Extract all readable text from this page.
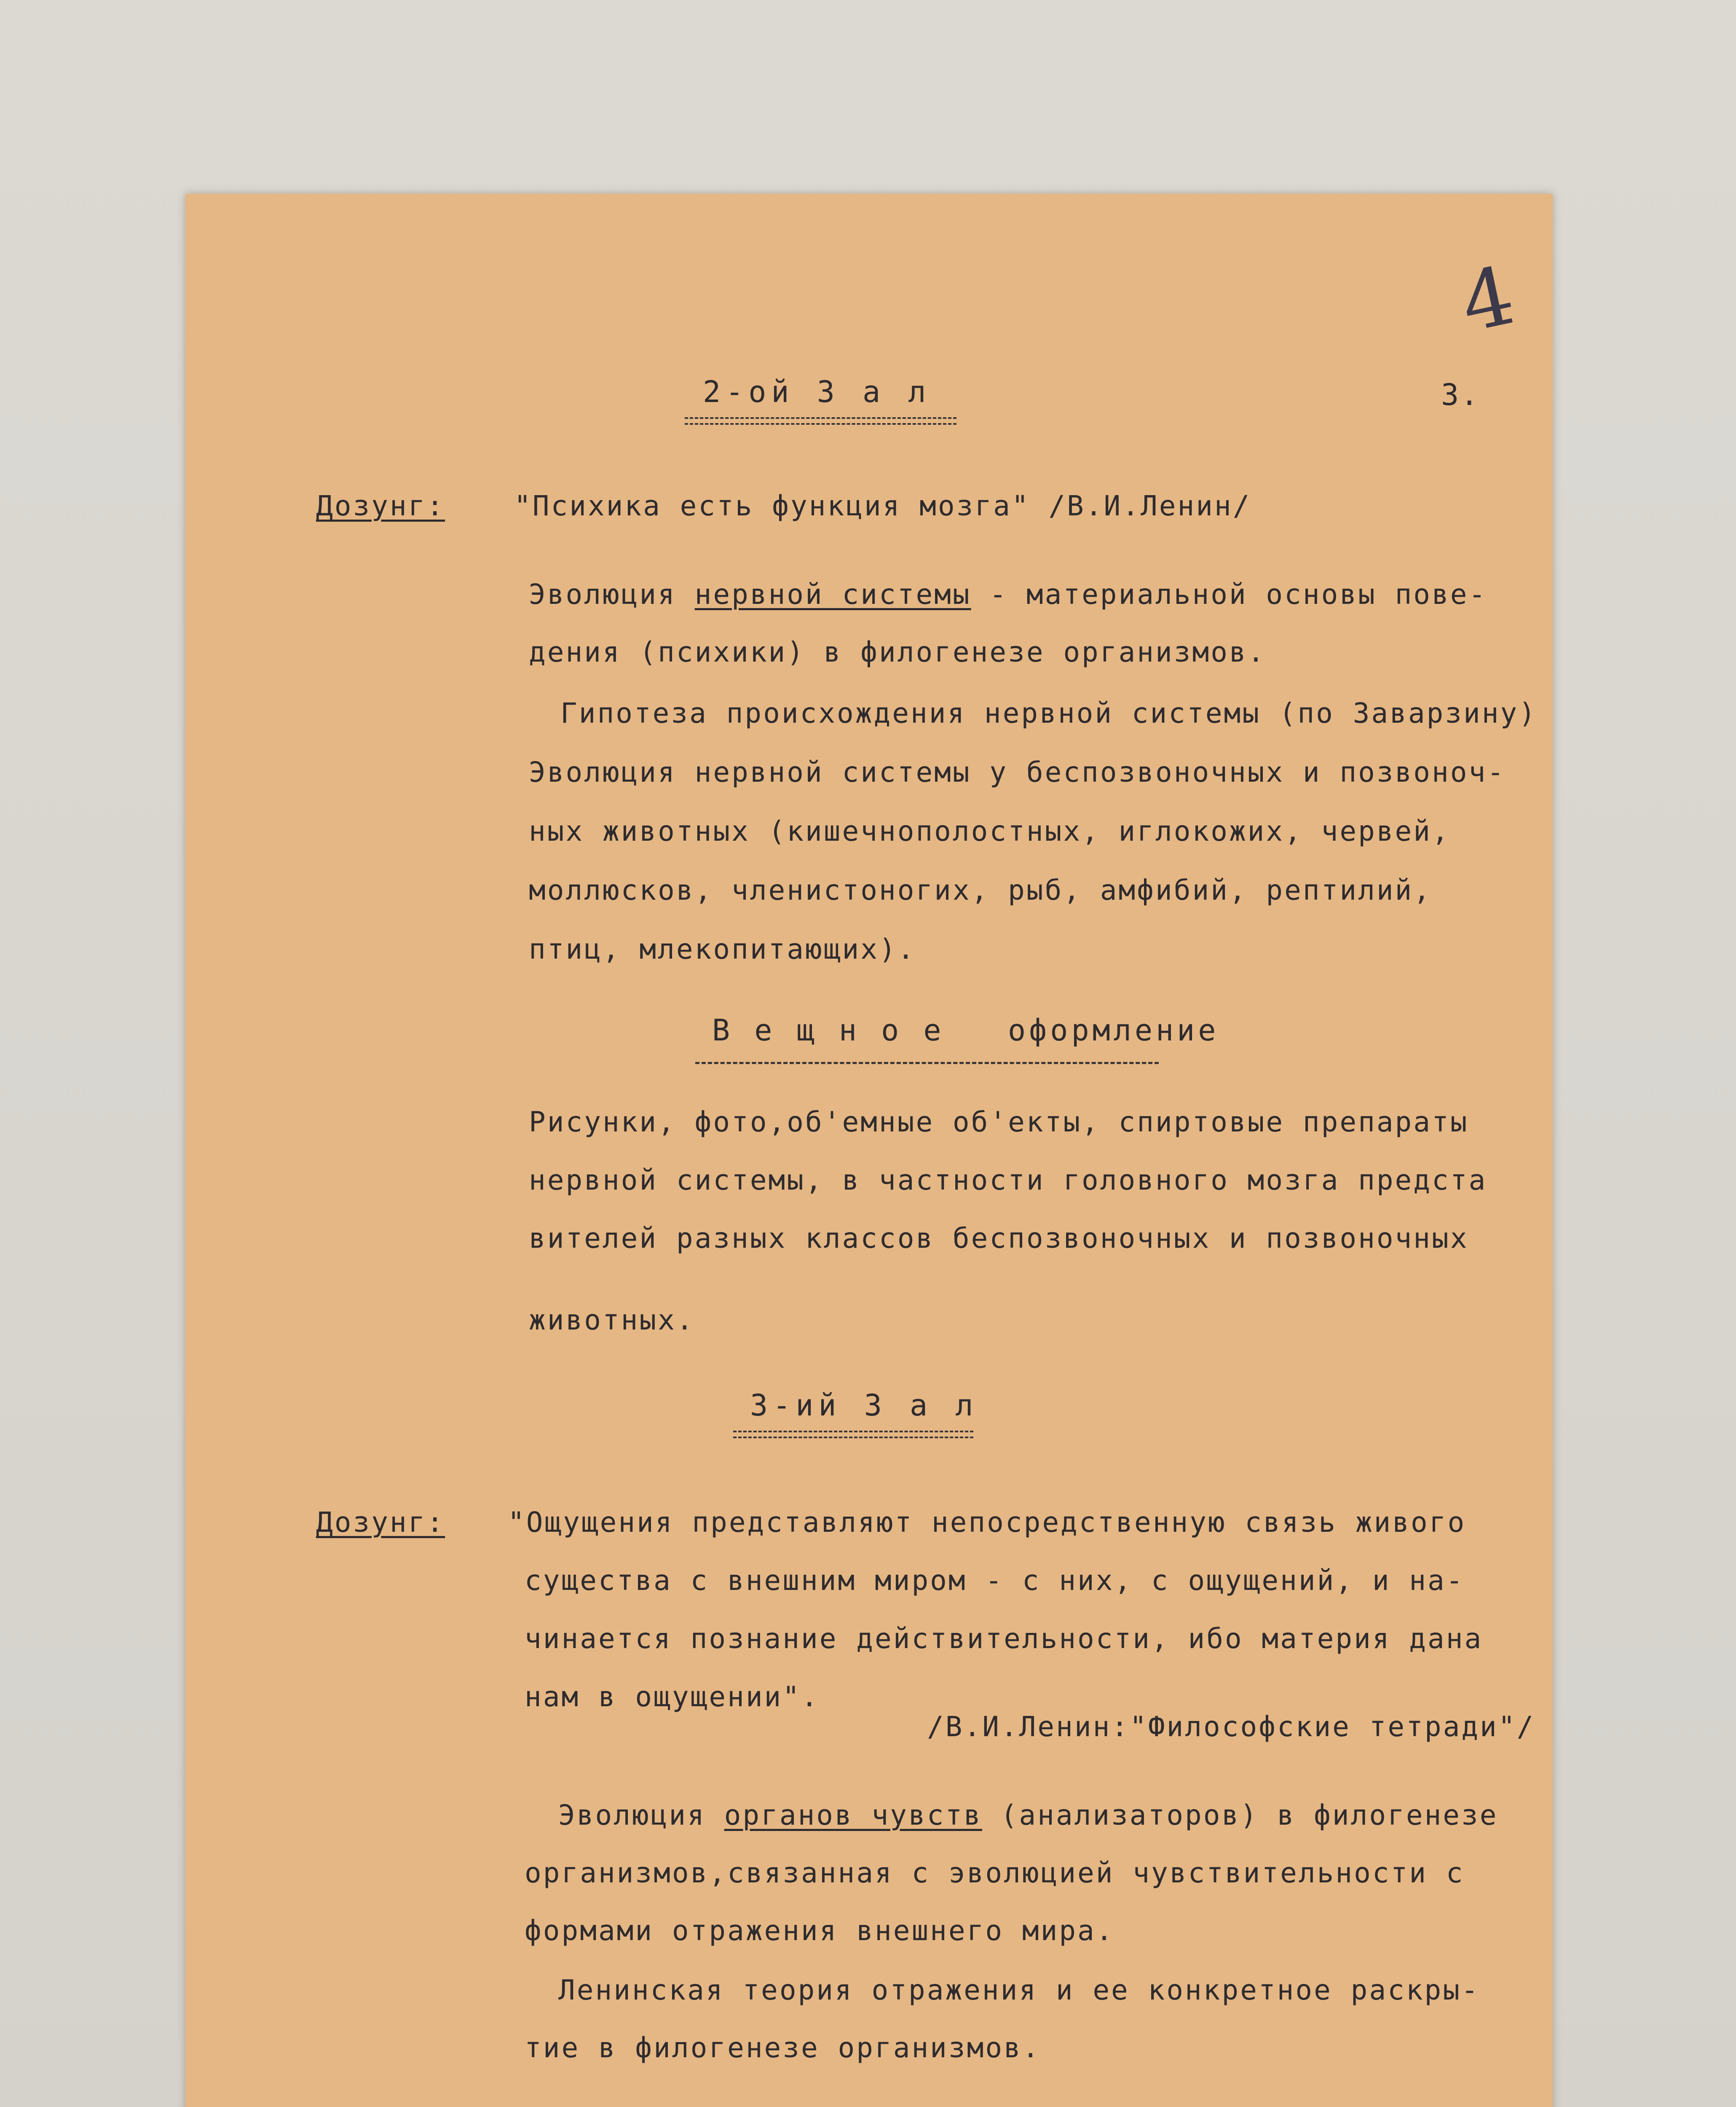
4
3.
2-ой З а л
Дозунг: "Психика есть функция мозга" /В.И.Ленин/
Эволюция нервной системы - материальной основы пове-
дения (психики) в филогенезе организмов.
Гипотеза происхождения нервной системы (по Заварзину)
Эволюция нервной системы у беспозвоночных и позвоноч-
ных животных (кишечнополостных, иглокожих, червей,
моллюсков, членистоногих, рыб, амфибий, рептилий,
птиц, млекопитающих).
В е щ н о е   оформление
Рисунки, фото,об'емные об'екты, спиртовые препараты
нервной системы, в частности головного мозга предста
вителей разных классов беспозвоночных и позвоночных
животных.
3-ий З а л
Дозунг: "Ощущения представляют непосредственную связь живого
существа с внешним миром - с них, с ощущений, и на-
чинается познание действительности, ибо материя дана
нам в ощущении".
/В.И.Ленин:"Философские тетради"/
Эволюция органов чувств (анализаторов) в филогенезе
организмов,связанная с эволюцией чувствительности с
формами отражения внешнего мира.
Ленинская теория отражения и ее конкретное раскры-
тие в филогенезе организмов.
